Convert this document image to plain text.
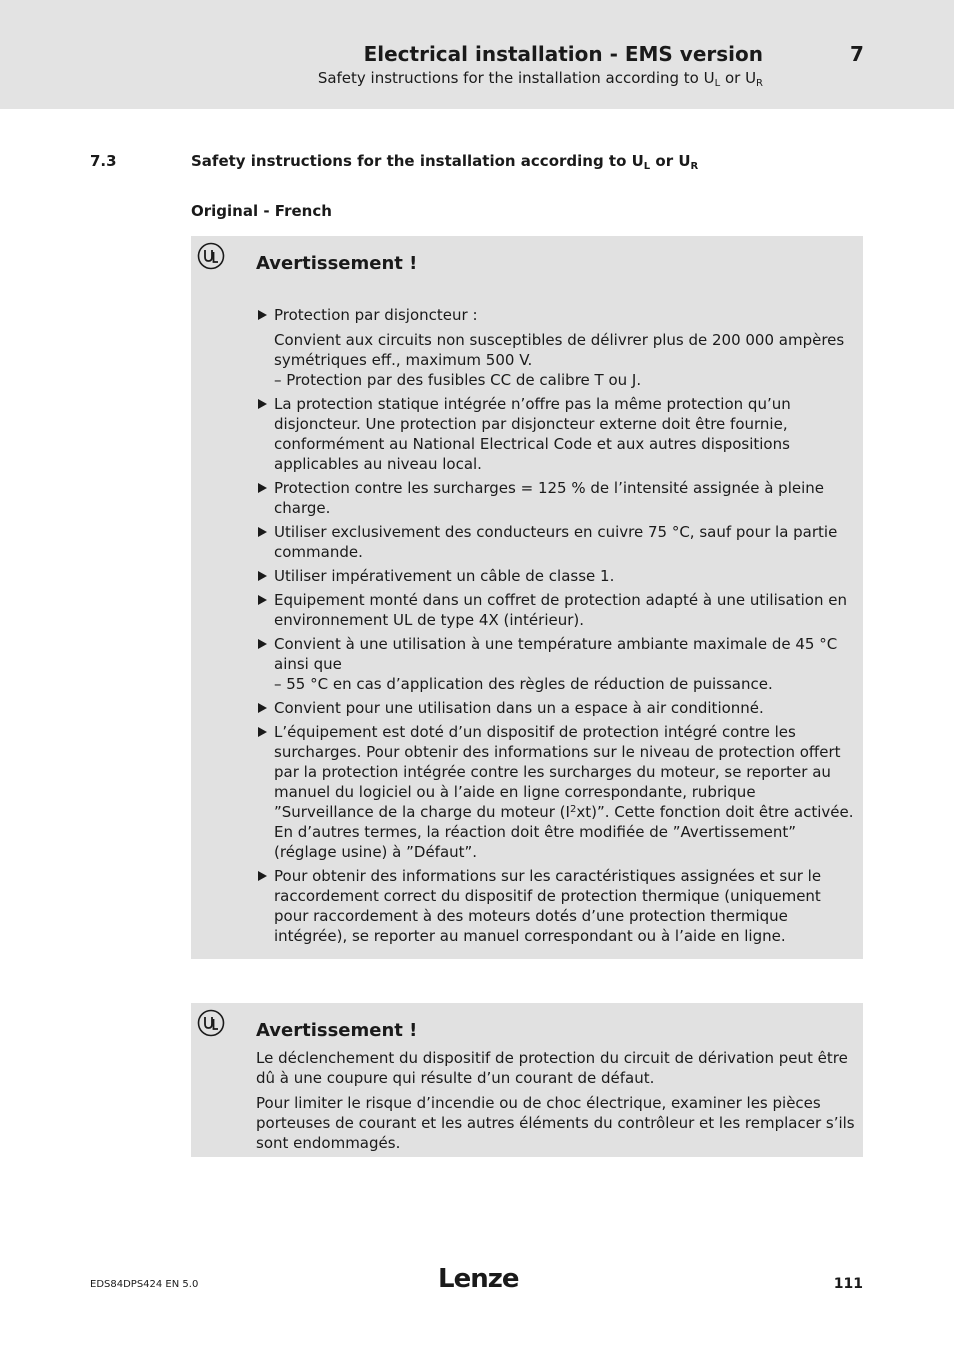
Electrical installation - EMS version	7
Safety instructions for the installation according to $U_L$ or $U_R$
7.3	Safety instructions for the installation according to $U_L$ or $U_R$
Original - French
Avertissement !
Protection par disjoncteur :
Convient aux circuits non susceptibles de délivrer plus de 200 000 ampères symétriques eff., maximum 500 V.
– Protection par des fusibles CC de calibre T ou J.
La protection statique intégrée n’offre pas la même protection qu’un disjoncteur. Une protection par disjoncteur externe doit être fournie, conformément au National Electrical Code et aux autres dispositions applicables au niveau local.
Protection contre les surcharges = 125 % de l’intensité assignée à pleine charge.
Utiliser exclusivement des conducteurs en cuivre 75 °C, sauf pour la partie commande.
Utiliser impérativement un câble de classe 1.
Equipement monté dans un coffret de protection adapté à une utilisation en environnement UL de type 4X (intérieur).
Convient à une utilisation à une température ambiante maximale de 45 °C ainsi que
– 55 °C en cas d’application des règles de réduction de puissance.
Convient pour une utilisation dans un a espace à air conditionné.
L’équipement est doté d’un dispositif de protection intégré contre les surcharges. Pour obtenir des informations sur le niveau de protection offert par la protection intégrée contre les surcharges du moteur, se reporter au manuel du logiciel ou à l’aide en ligne correspondante, rubrique ”Surveillance de la charge du moteur $(I^2xt)$”. Cette fonction doit être activée. En d’autres termes, la réaction doit être modifiée de ”Avertissement” (réglage usine) à ”Défaut”.
Pour obtenir des informations sur les caractéristiques assignées et sur le raccordement correct du dispositif de protection thermique (uniquement pour raccordement à des moteurs dotés d’une protection thermique intégrée), se reporter au manuel correspondant ou à l’aide en ligne.
Avertissement !
Le déclenchement du dispositif de protection du circuit de dérivation peut être dû à une coupure qui résulte d’un courant de défaut.
Pour limiter le risque d’incendie ou de choc électrique, examiner les pièces porteuses de courant et les autres éléments du contrôleur et les remplacer s’ils sont endommagés.
EDS84DPS424 EN 5.0	Lenze	111
